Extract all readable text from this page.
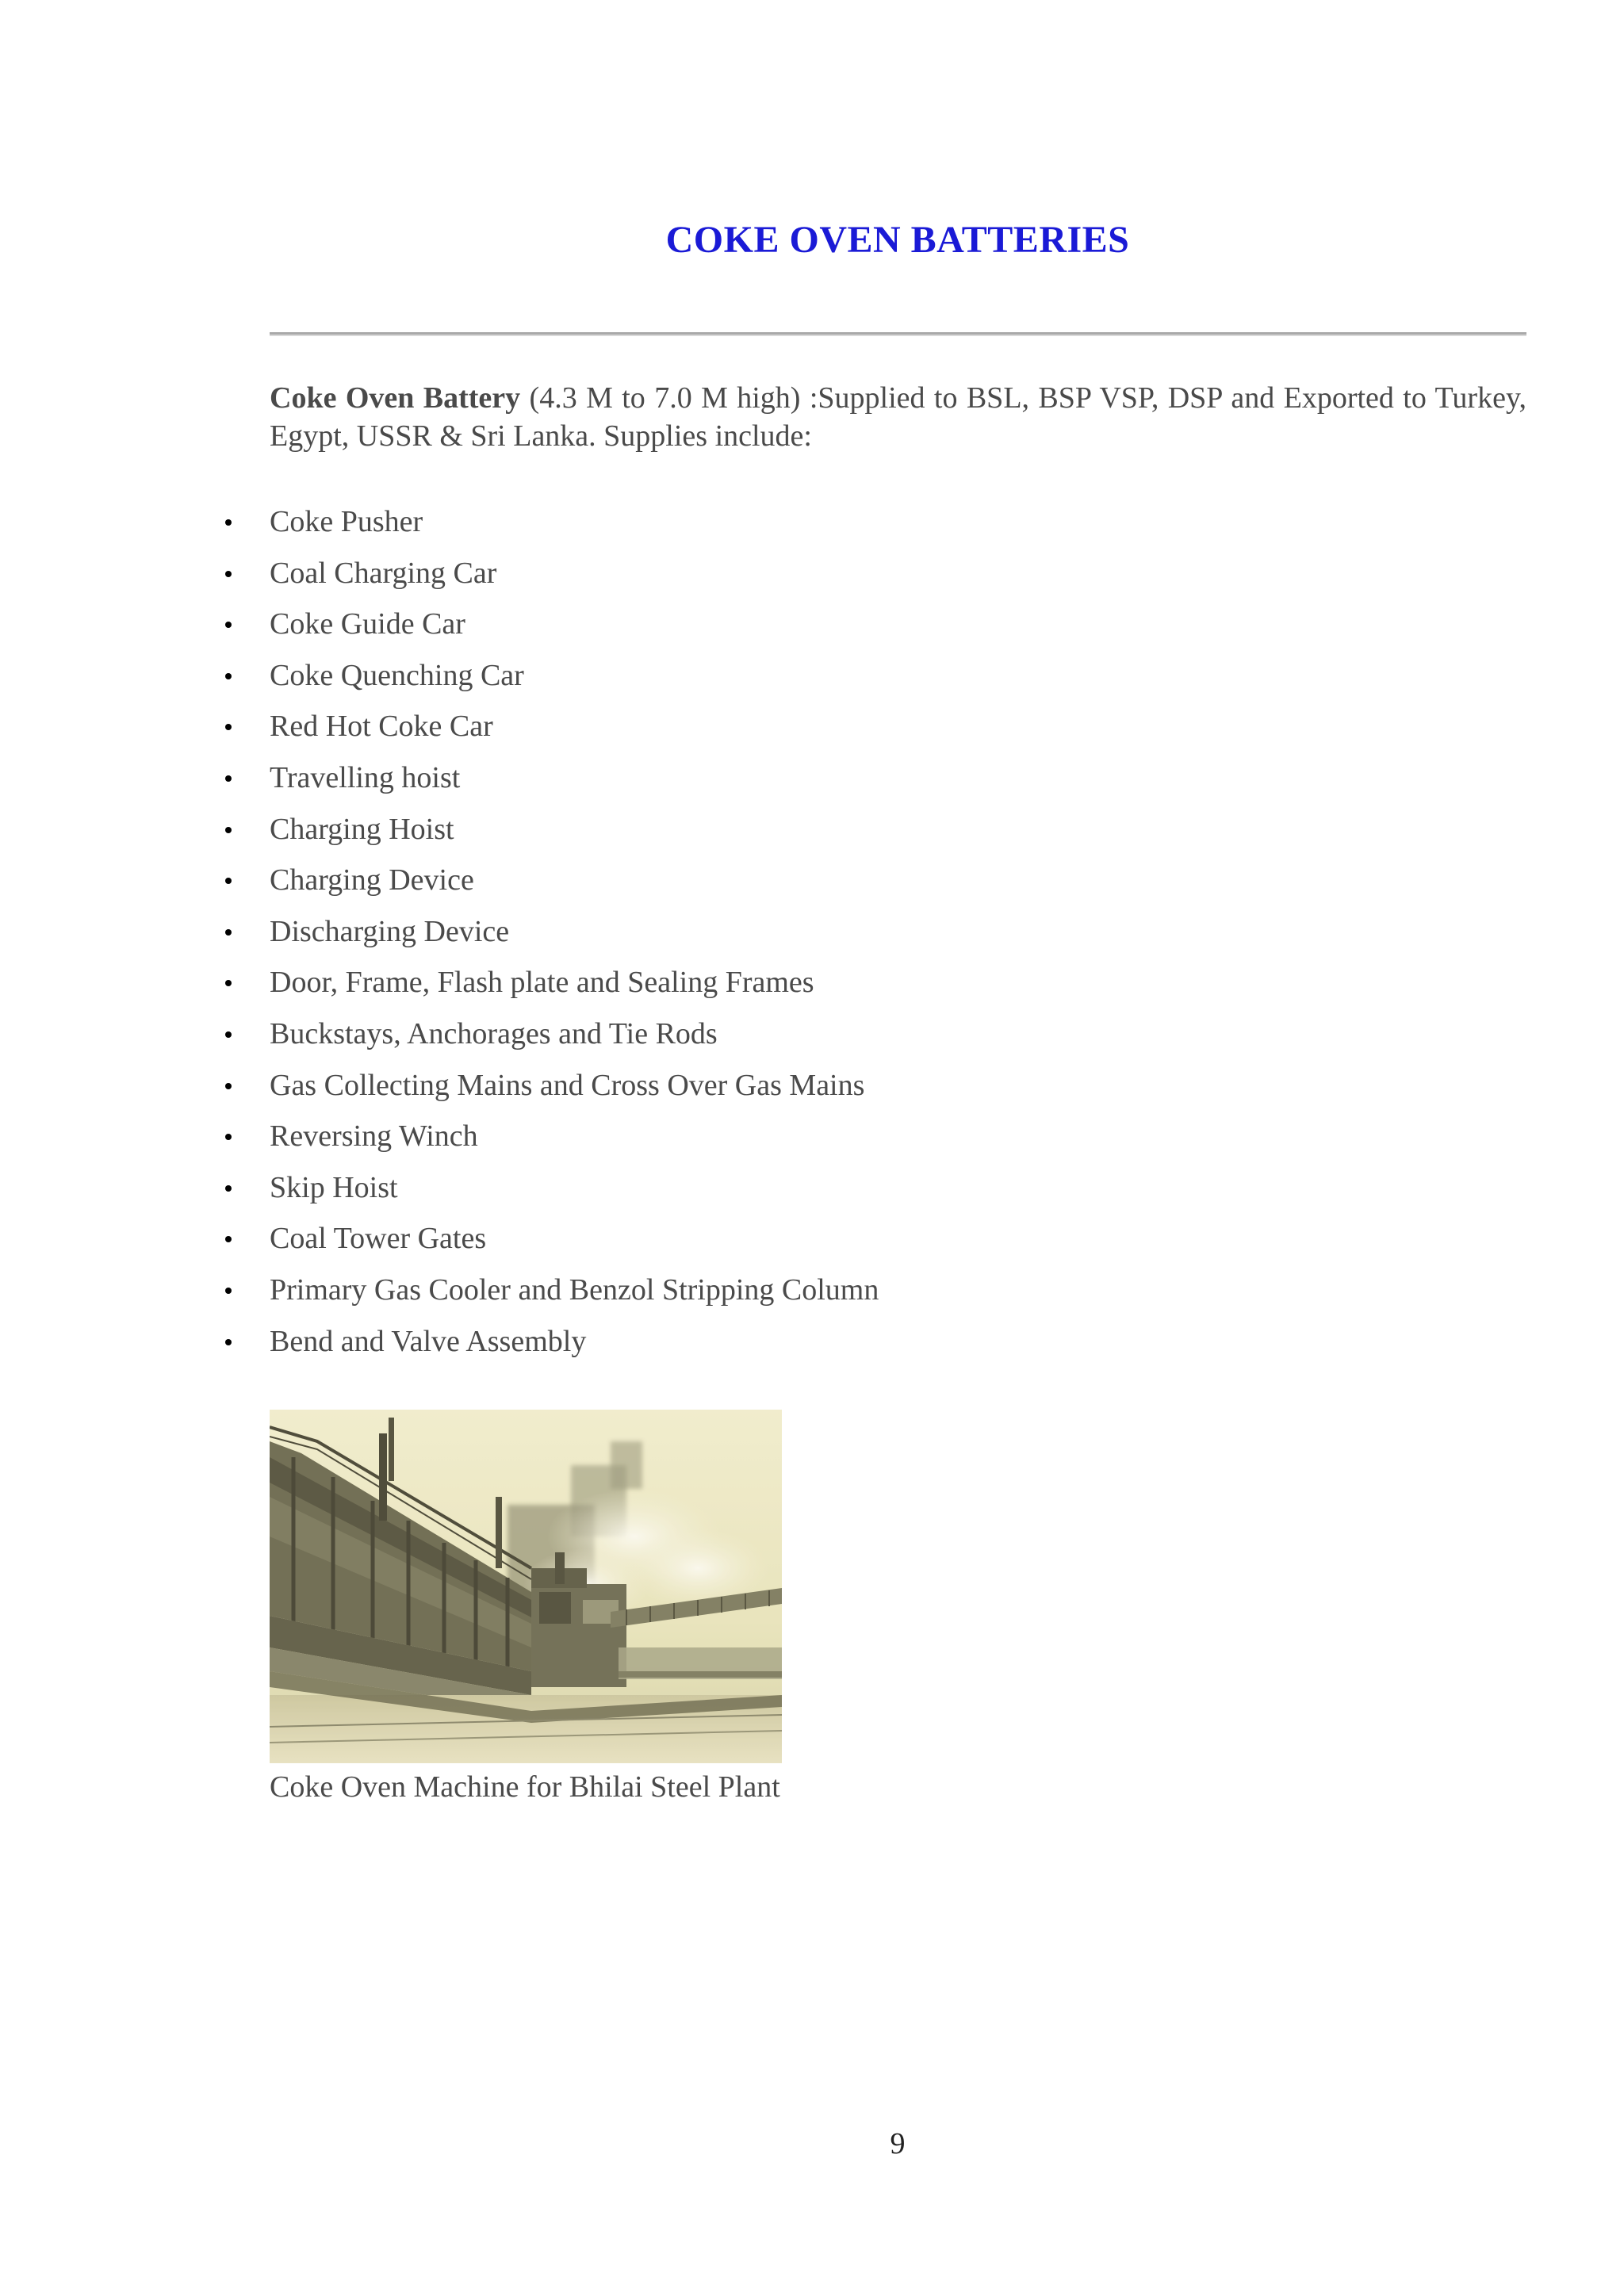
COKE OVEN BATTERIES

Coke Oven Battery (4.3 M to 7.0 M high) :Supplied to BSL, BSP VSP, DSP and Exported to Turkey, Egypt, USSR & Sri Lanka. Supplies include:

Coke Pusher
Coal Charging Car
Coke Guide Car
Coke Quenching Car
Red Hot Coke Car
Travelling hoist
Charging Hoist
Charging Device
Discharging Device
Door, Frame, Flash plate and Sealing Frames
Buckstays, Anchorages and Tie Rods
Gas Collecting Mains and Cross Over Gas Mains
Reversing Winch
Skip Hoist
Coal Tower Gates
Primary Gas Cooler and Benzol Stripping Column
Bend and Valve Assembly

Coke Oven Machine for Bhilai Steel Plant

9
